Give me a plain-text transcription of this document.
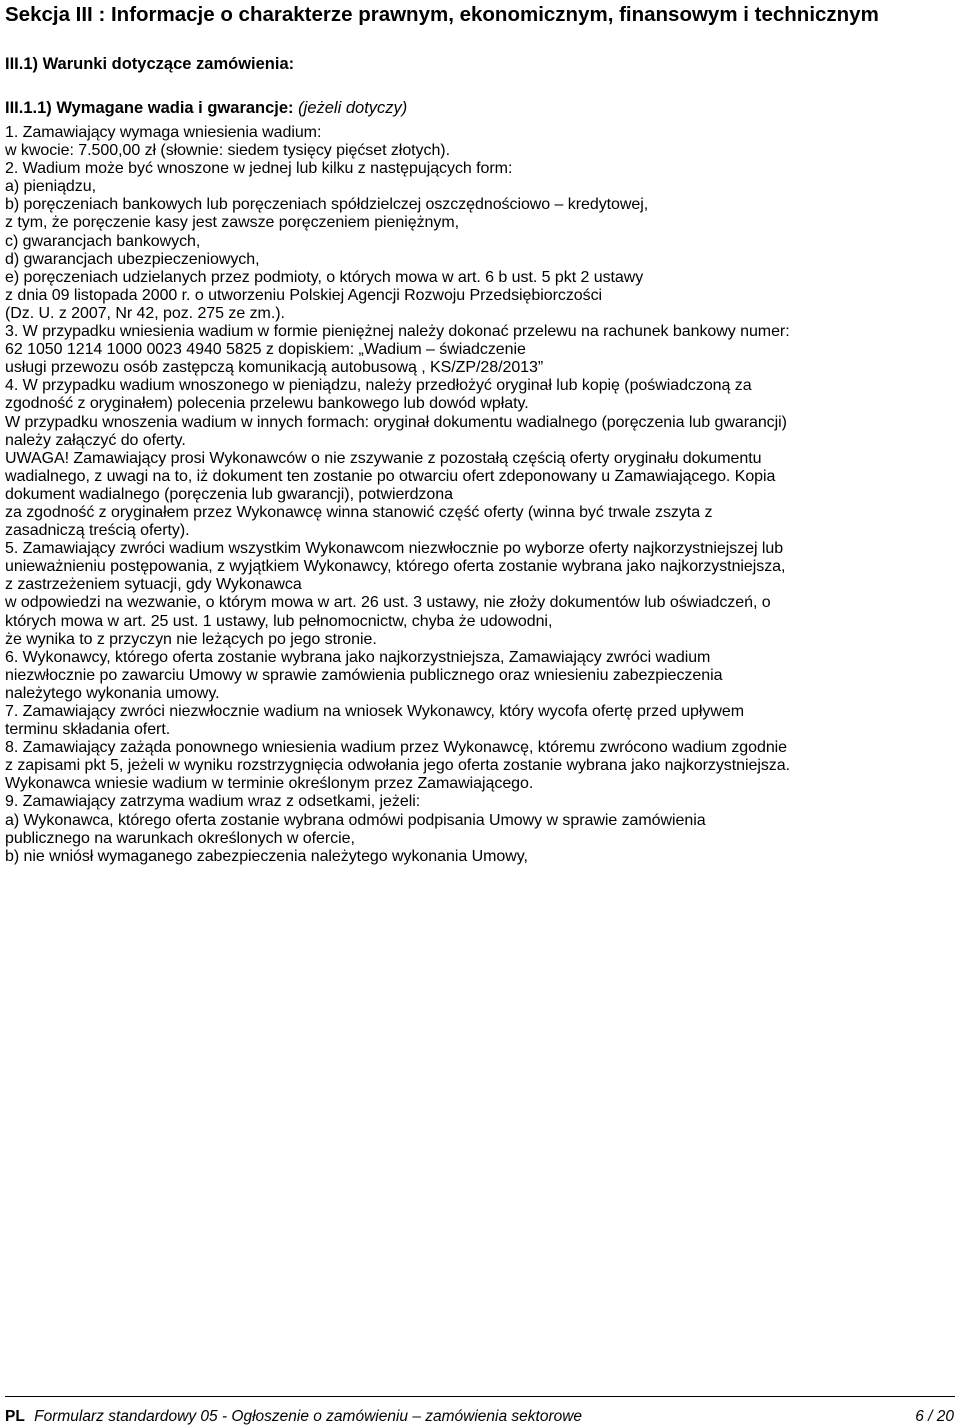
Sekcja III : Informacje o charakterze prawnym, ekonomicznym, finansowym i technicznym
III.1) Warunki dotyczące zamówienia:
III.1.1) Wymagane wadia i gwarancje: (jeżeli dotyczy)
1. Zamawiający wymaga wniesienia wadium:
w kwocie: 7.500,00 zł (słownie: siedem tysięcy pięćset złotych).
2. Wadium może być wnoszone w jednej lub kilku z następujących form:
a) pieniądzu,
b) poręczeniach bankowych lub poręczeniach spółdzielczej oszczędnościowo – kredytowej,
z tym, że poręczenie kasy jest zawsze poręczeniem pieniężnym,
c) gwarancjach bankowych,
d) gwarancjach ubezpieczeniowych,
e) poręczeniach udzielanych przez podmioty, o których mowa w art. 6 b ust. 5 pkt 2 ustawy
z dnia 09 listopada 2000 r. o utworzeniu Polskiej Agencji Rozwoju Przedsiębiorczości
(Dz. U. z 2007, Nr 42, poz. 275 ze zm.).
3. W przypadku wniesienia wadium w formie pieniężnej należy dokonać przelewu na rachunek bankowy numer:
62 1050 1214 1000 0023 4940 5825 z dopiskiem: „Wadium – świadczenie
usługi przewozu osób zastępczą komunikacją autobusową , KS/ZP/28/2013”
4. W przypadku wadium wnoszonego w pieniądzu, należy przedłożyć oryginał lub kopię (poświadczoną za
zgodność z oryginałem) polecenia przelewu bankowego lub dowód wpłaty.
W przypadku wnoszenia wadium w innych formach: oryginał dokumentu wadialnego (poręczenia lub gwarancji)
należy załączyć do oferty.
UWAGA! Zamawiający prosi Wykonawców o nie zszywanie z pozostałą częścią oferty oryginału dokumentu
wadialnego, z uwagi na to, iż dokument ten zostanie po otwarciu ofert zdeponowany u Zamawiającego. Kopia
dokument wadialnego (poręczenia lub gwarancji), potwierdzona
za zgodność z oryginałem przez Wykonawcę winna stanowić część oferty (winna być trwale zszyta z
zasadniczą treścią oferty).
5. Zamawiający zwróci wadium wszystkim Wykonawcom niezwłocznie po wyborze oferty najkorzystniejszej lub
unieważnieniu postępowania, z wyjątkiem Wykonawcy, którego oferta zostanie wybrana jako najkorzystniejsza,
z zastrzeżeniem sytuacji, gdy Wykonawca
w odpowiedzi na wezwanie, o którym mowa w art. 26 ust. 3 ustawy, nie złoży dokumentów lub oświadczeń, o
których mowa w art. 25 ust. 1 ustawy, lub pełnomocnictw, chyba że udowodni,
że wynika to z przyczyn nie leżących po jego stronie.
6. Wykonawcy, którego oferta zostanie wybrana jako najkorzystniejsza, Zamawiający zwróci wadium
niezwłocznie po zawarciu Umowy w sprawie zamówienia publicznego oraz wniesieniu zabezpieczenia
należytego wykonania umowy.
7. Zamawiający zwróci niezwłocznie wadium na wniosek Wykonawcy, który wycofa ofertę przed upływem
terminu składania ofert.
8. Zamawiający zażąda ponownego wniesienia wadium przez Wykonawcę, któremu zwrócono wadium zgodnie
z zapisami pkt 5, jeżeli w wyniku rozstrzygnięcia odwołania jego oferta zostanie wybrana jako najkorzystniejsza.
Wykonawca wniesie wadium w terminie określonym przez Zamawiającego.
9. Zamawiający zatrzyma wadium wraz z odsetkami, jeżeli:
a) Wykonawca, którego oferta zostanie wybrana odmówi podpisania Umowy w sprawie zamówienia
publicznego na warunkach określonych w ofercie,
b) nie wniósł wymaganego zabezpieczenia należytego wykonania Umowy,
PL Formularz standardowy 05 - Ogłoszenie o zamówieniu – zamówienia sektorowe	6 / 20
